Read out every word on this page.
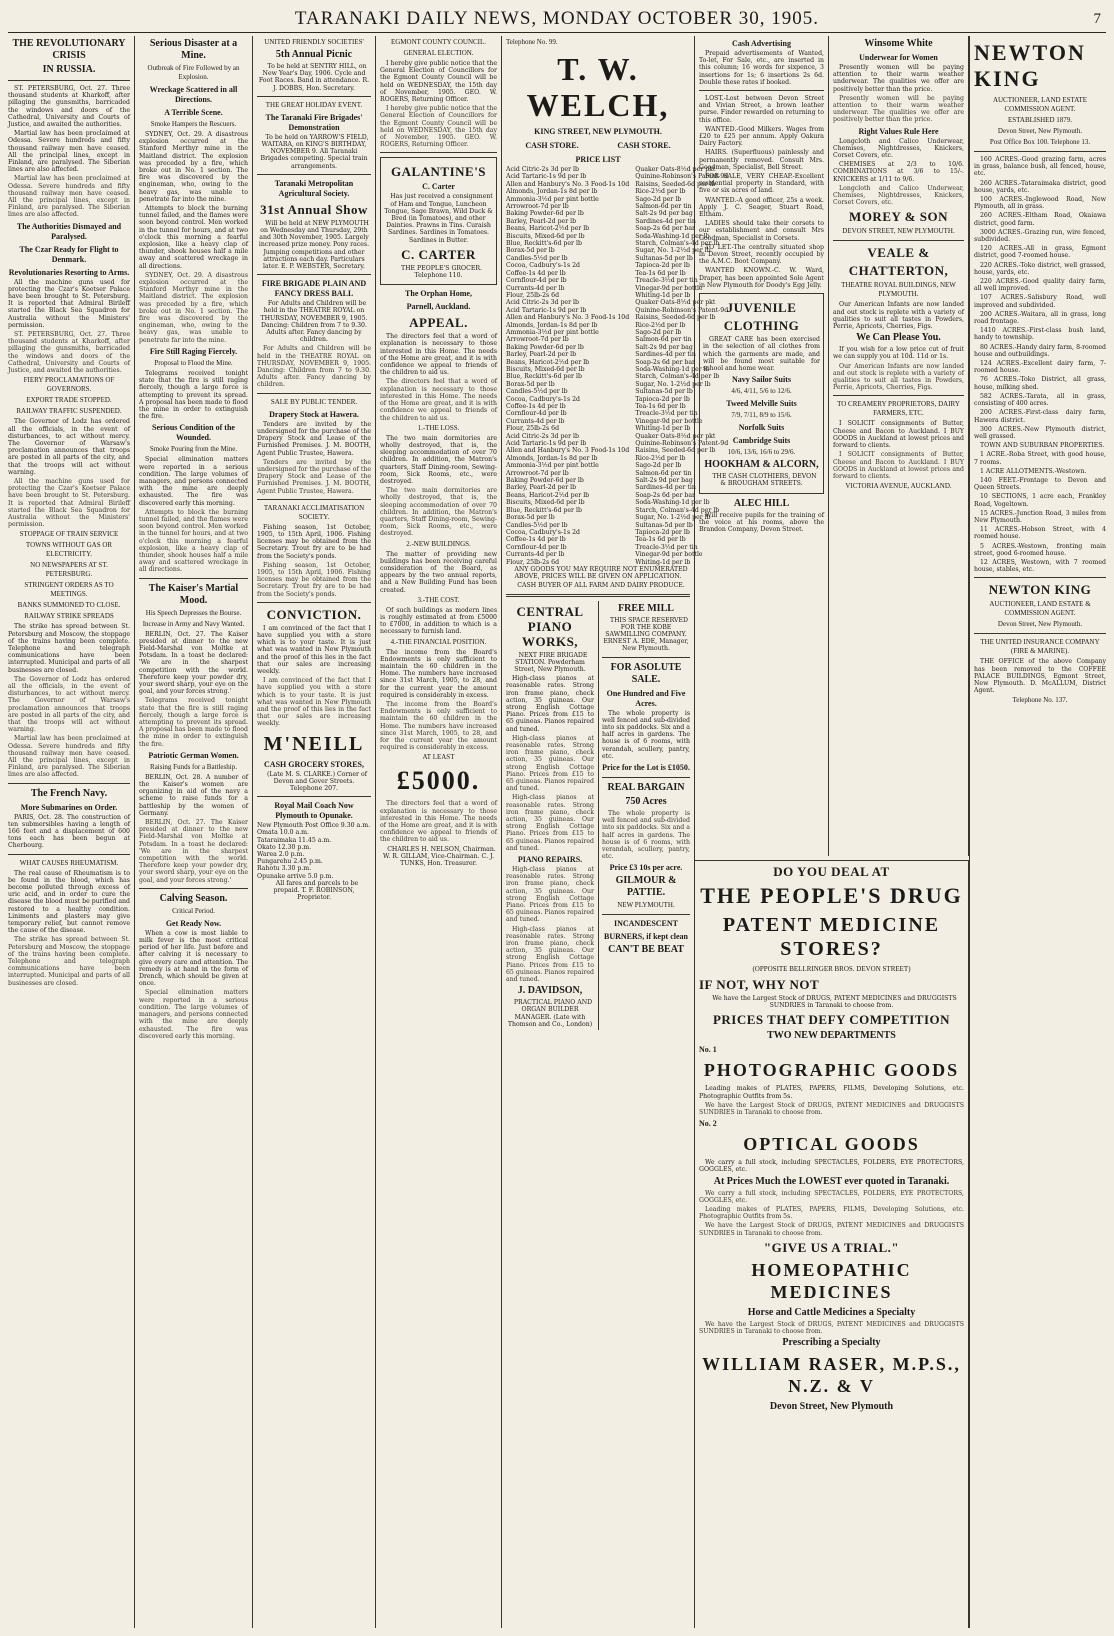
TARANAKI DAILY NEWS, MONDAY OCTOBER 30, 1905.	7
THE REVOLUTIONARY CRISIS
IN RUSSIA.

ST. PETERSBURG, Oct. 27. Three thousand students at Kharkoff, after pillaging the gunsmiths, barricaded the windows and doors of the Cathedral, University and Courts of Justice, and awaited the authorities.

Martial law has been proclaimed at Odessa. Severe hundreds and fifty thousand railway men have ceased. All the principal lines, except in Finland, are paralysed. The Siberian lines are also affected.

Martial law has been proclaimed at Odessa. Severe hundreds and fifty thousand railway men have ceased. All the principal lines, except in Finland, are paralysed. The Siberian lines are also affected.

The Authorities Dismayed and Paralysed.
The Czar Ready for Flight to Denmark.
Revolutionaries Resorting to Arms.

All the machine guns used for protecting the Czar's Koetser Palace have been brought to St. Petersburg. It is reported that Admiral Birileff started the Black Sea Squadron for Australia without the Ministers' permission.

ST. PETERSBURG, Oct. 27. Three thousand students at Kharkoff, after pillaging the gunsmiths, barricaded the windows and doors of the Cathedral, University and Courts of Justice, and awaited the authorities.

FIERY PROCLAMATIONS OF GOVERNORS.
EXPORT TRADE STOPPED.
RAILWAY TRAFFIC SUSPENDED.

The Governor of Lodz has ordered all the officials, in the event of disturbances, to act without mercy. The Governor of Warsaw's proclamation announces that troops are posted in all parts of the city, and that the troops will act without warning.

All the machine guns used for protecting the Czar's Koetser Palace have been brought to St. Petersburg. It is reported that Admiral Birileff started the Black Sea Squadron for Australia without the Ministers' permission.

STOPPAGE OF TRAIN SERVICE
TOWNS WITHOUT GAS OR ELECTRICITY.
NO NEWSPAPERS AT ST. PETERSBURG.
STRINGENT ORDERS AS TO MEETINGS.
BANKS SUMMONED TO CLOSE.
RAILWAY STRIKE SPREADS

The strike has spread between St. Petersburg and Moscow, the stoppage of the trains having been complete. Telephone and telegraph communications have been interrupted. Municipal and parts of all businesses are closed.

The Governor of Lodz has ordered all the officials, in the event of disturbances, to act without mercy. The Governor of Warsaw's proclamation announces that troops are posted in all parts of the city, and that the troops will act without warning.

Martial law has been proclaimed at Odessa. Severe hundreds and fifty thousand railway men have ceased. All the principal lines, except in Finland, are paralysed. The Siberian lines are also affected.

The French Navy.
More Submarines on Order.

PARIS, Oct. 28. The construction of ten submersibles having a length of 166 feet and a displacement of 600 tons each has been begun at Cherbourg.

WHAT CAUSES RHEUMATISM.

The real cause of Rheumatism is to be found in the blood, which has become polluted through excess of uric acid, and in order to cure the disease the blood must be purified and restored to a healthy condition. Liniments and plasters may give temporary relief, but cannot remove the cause of the disease.

The strike has spread between St. Petersburg and Moscow, the stoppage of the trains having been complete. Telephone and telegraph communications have been interrupted. Municipal and parts of all businesses are closed.

Serious Disaster at a Mine.
Outbreak of Fire Followed by an Explosion.
Wreckage Scattered in all Directions.
A Terrible Scene.
Smoke Hampers the Rescuers.

SYDNEY, Oct. 29. A disastrous explosion occurred at the Stanford Merthyr mine in the Maitland district. The explosion was preceded by a fire, which broke out in No. 1 section. The fire was discovered by the engineman, who, owing to the heavy gas, was unable to penetrate far into the mine.

Attempts to block the burning tunnel failed, and the flames were soon beyond control. Men worked in the tunnel for hours, and at two o'clock this morning a fearful explosion, like a heavy clap of thunder, shook houses half a mile away and scattered wreckage in all directions.

SYDNEY, Oct. 29. A disastrous explosion occurred at the Stanford Merthyr mine in the Maitland district. The explosion was preceded by a fire, which broke out in No. 1 section. The fire was discovered by the engineman, who, owing to the heavy gas, was unable to penetrate far into the mine.

Fire Still Raging Fiercely.
Proposal to Flood the Mine.

Telegrams received tonight state that the fire is still raging fiercely, though a large force is attempting to prevent its spread. A proposal has been made to flood the mine in order to extinguish the fire.

Serious Condition of the Wounded.
Smoke Pouring from the Mine.

Special elimination matters were reported in a serious condition. The large volumes of managers, and persons connected with the mine are deeply exhausted. The fire was discovered early this morning.

Attempts to block the burning tunnel failed, and the flames were soon beyond control. Men worked in the tunnel for hours, and at two o'clock this morning a fearful explosion, like a heavy clap of thunder, shook houses half a mile away and scattered wreckage in all directions.

The Kaiser's Martial Mood.
His Speech Depresses the Bourse.
Increase in Army and Navy Wanted.

BERLIN, Oct. 27. The Kaiser presided at dinner to the new Field-Marshal von Moltke at Potsdam. In a toast he declared: 'We are in the sharpest competition with the world. Therefore keep your powder dry, your sword sharp, your eye on the goal, and your forces strong.'

Telegrams received tonight state that the fire is still raging fiercely, though a large force is attempting to prevent its spread. A proposal has been made to flood the mine in order to extinguish the fire.

Patriotic German Women.
Raising Funds for a Battleship.

BERLIN, Oct. 28. A number of the Kaiser's women are organizing in aid of the navy a scheme to raise funds for a battleship by the women of Germany.

BERLIN, Oct. 27. The Kaiser presided at dinner to the new Field-Marshal von Moltke at Potsdam. In a toast he declared: 'We are in the sharpest competition with the world. Therefore keep your powder dry, your sword sharp, your eye on the goal, and your forces strong.'

Calving Season.
Critical Period.
Get Ready Now.

When a cow is most liable to milk fever is the most critical period of her life. Just before and after calving it is necessary to give every care and attention. The remedy is at hand in the form of Drench, which should be given at once.

Special elimination matters were reported in a serious condition. The large volumes of managers, and persons connected with the mine are deeply exhausted. The fire was discovered early this morning.

UNITED FRIENDLY SOCIETIES'
5th Annual Picnic

To be held at SENTRY HILL, on New Year's Day, 1906. Cycle and Foot Races. Band in attendance. R. J. DOBBS, Hon. Secretary.

THE GREAT HOLIDAY EVENT.
The Taranaki Fire Brigades' Demonstration

To be held on YARROW'S FIELD, WAITARA, on KING'S BIRTHDAY, NOVEMBER 9. All Taranaki Brigades competing. Special train arrangements.

Taranaki Metropolitan Agricultural Society.
31st Annual Show

Will be held at NEW PLYMOUTH on Wednesday and Thursday, 29th and 30th November, 1905. Largely increased prize money. Pony races. Jumping competitions and other attractions each day. Particulars later. E. P. WEBSTER, Secretary.

FIRE BRIGADE PLAIN AND FANCY DRESS BALL

For Adults and Children will be held in the THEATRE ROYAL on THURSDAY, NOVEMBER 9, 1905. Dancing: Children from 7 to 9.30. Adults after. Fancy dancing by children.

For Adults and Children will be held in the THEATRE ROYAL on THURSDAY, NOVEMBER 9, 1905. Dancing: Children from 7 to 9.30. Adults after. Fancy dancing by children.

SALE BY PUBLIC TENDER.
Drapery Stock at Hawera.

Tenders are invited by the undersigned for the purchase of the Drapery Stock and Lease of the Furnished Premises. J. M. BOOTH, Agent Public Trustee, Hawera.

Tenders are invited by the undersigned for the purchase of the Drapery Stock and Lease of the Furnished Premises. J. M. BOOTH, Agent Public Trustee, Hawera.

TARANAKI ACCLIMATISATION SOCIETY.

Fishing season, 1st October, 1905, to 15th April, 1906. Fishing licenses may be obtained from the Secretary. Trout fry are to be had from the Society's ponds.

Fishing season, 1st October, 1905, to 15th April, 1906. Fishing licenses may be obtained from the Secretary. Trout fry are to be had from the Society's ponds.

CONVICTION.

I am convinced of the fact that I have supplied you with a store which is to your taste. It is just what was wanted in New Plymouth and the proof of this lies in the fact that our sales are increasing weekly.

I am convinced of the fact that I have supplied you with a store which is to your taste. It is just what was wanted in New Plymouth and the proof of this lies in the fact that our sales are increasing weekly.

M'NEILL
CASH GROCERY STORES,

(Late M. S. CLARKE.) Corner of Devon and Gover Streets. Telephone 207.

Royal Mail Coach Now Plymouth to Opunake.
New Plymouth Post Office 9.30 a.m.
Omata 10.0 a.m.
Tataraimaka 11.45 a.m.
Okato 12.30 p.m.
Warea 2.0 p.m.
Pungarehu 2.45 p.m.
Rahotu 3.30 p.m.
Opunake arrive 5.0 p.m.

All fares and parcels to be prepaid. T. F. ROBINSON, Proprietor.

EGMONT COUNTY COUNCIL.
GENERAL ELECTION.

I hereby give public notice that the General Election of Councillors for the Egmont County Council will be held on WEDNESDAY, the 15th day of November, 1905. GEO. W. ROGERS, Returning Officer.

I hereby give public notice that the General Election of Councillors for the Egmont County Council will be held on WEDNESDAY, the 15th day of November, 1905. GEO. W. ROGERS, Returning Officer.

GALANTINE'S
C. Carter

Has just received a consignment of Ham and Tongue, Luncheon Tongue, Sage Brawn, Wild Duck & Bred (in Tomatoes), and other Dainties. Prawns in Tins. Curaish Sardines. Sardines in Tomatoes. Sardines in Butter.

C. CARTER

THE PEOPLE'S GROCER. Telephone 110.

The Orphan Home,
Parnell, Auckland.
APPEAL.

The directors feel that a word of explanation is necessary to those interested in this Home. The needs of the Home are great, and it is with confidence we appeal to friends of the children to aid us.

The directors feel that a word of explanation is necessary to those interested in this Home. The needs of the Home are great, and it is with confidence we appeal to friends of the children to aid us.

1.-THE LOSS.

The two main dormitories are wholly destroyed, that is, the sleeping accommodation of over 70 children. In addition, the Matron's quarters, Staff Dining-room, Sewing-room, Sick Rooms, etc., were destroyed.

The two main dormitories are wholly destroyed, that is, the sleeping accommodation of over 70 children. In addition, the Matron's quarters, Staff Dining-room, Sewing-room, Sick Rooms, etc., were destroyed.

2.-NEW BUILDINGS.

The matter of providing new buildings has been receiving careful consideration of the Board, as appears by the two annual reports, and a New Building Fund has been created.

3.-THE COST.

Of such buildings as modern lines is roughly estimated at from £5000 to £7000, in addition to which is a necessary to furnish land.

4.-THE FINANCIAL POSITION.

The income from the Board's Endowments is only sufficient to maintain the 60 children in the Home. The numbers have increased since 31st March, 1905, to 28, and for the current year the amount required is considerably in excess.

The income from the Board's Endowments is only sufficient to maintain the 60 children in the Home. The numbers have increased since 31st March, 1905, to 28, and for the current year the amount required is considerably in excess.

AT LEAST
£5000.

The directors feel that a word of explanation is necessary to those interested in this Home. The needs of the Home are great, and it is with confidence we appeal to friends of the children to aid us.

CHARLES H. NELSON, Chairman. W. R. GILLAM, Vice-Chairman. C. J. TUNKS, Hon. Treasurer.

Telephone No. 99.
T. W. WELCH,
KING STREET, NEW PLYMOUTH.
CASH STORE.	CASH STORE.
PRICE LIST
Acid Citric-2s 3d per lb	Quaker Oats-8½d per pkt
Acid Tartaric-1s 9d per lb	Quinine-Robinson's Patent-9d
Allen and Hanbury's No. 3 Food-1s 10d Raisins, Seeded-6d per lb
Almonds, Jordan-1s 8d per lb	Rice-2½d per lb
Ammonia-3½d per pint bottle	Sago-2d per lb
Arrowroot-7d per lb	Salmon-6d per tin
Baking Powder-6d per lb	Salt-2s 9d per bag
Barley, Pearl-2d per lb	Sardines-4d per tin
Beans, Haricot-2½d per lb	Soap-2s 6d per bar
Biscuits, Mixed-6d per lb	Soda-Washing-1d per lb
Blue, Reckitt's-6d per lb	Starch, Colman's-4d per lb
Borax-5d per lb	Sugar, No. 1-2½d per lb
Candles-5½d per lb	Sultanas-5d per lb
Cocoa, Cadbury's-1s 2d	Tapioca-2d per lb
Coffee-1s 4d per lb	Tea-1s 6d per lb
Cornflour-4d per lb	Treacle-3½d per tin
Currants-4d per lb	Vinegar-9d per bottle
Flour, 25lb-2s 6d	Whiting-1d per lb
Acid Citric-2s 3d per lb	Quaker Oats-8½d per pkt
Acid Tartaric-1s 9d per lb	Quinine-Robinson's Patent-9d
Allen and Hanbury's No. 3 Food-1s 10d Raisins, Seeded-6d per lb
Almonds, Jordan-1s 8d per lb	Rice-2½d per lb
Ammonia-3½d per pint bottle	Sago-2d per lb
Arrowroot-7d per lb	Salmon-6d per tin
Baking Powder-6d per lb	Salt-2s 9d per bag
Barley, Pearl-2d per lb	Sardines-4d per tin
Beans, Haricot-2½d per lb	Soap-2s 6d per bar
Biscuits, Mixed-6d per lb	Soda-Washing-1d per lb
Blue, Reckitt's-6d per lb	Starch, Colman's-4d per lb
Borax-5d per lb	Sugar, No. 1-2½d per lb
Candles-5½d per lb	Sultanas-5d per lb
Cocoa, Cadbury's-1s 2d	Tapioca-2d per lb
Coffee-1s 4d per lb	Tea-1s 6d per lb
Cornflour-4d per lb	Treacle-3½d per tin
Currants-4d per lb	Vinegar-9d per bottle
Flour, 25lb-2s 6d	Whiting-1d per lb
Acid Citric-2s 3d per lb	Quaker Oats-8½d per pkt
Acid Tartaric-1s 9d per lb	Quinine-Robinson's Patent-9d
Allen and Hanbury's No. 3 Food-1s 10d Raisins, Seeded-6d per lb
Almonds, Jordan-1s 8d per lb	Rice-2½d per lb
Ammonia-3½d per pint bottle	Sago-2d per lb
Arrowroot-7d per lb	Salmon-6d per tin
Baking Powder-6d per lb	Salt-2s 9d per bag
Barley, Pearl-2d per lb	Sardines-4d per tin
Beans, Haricot-2½d per lb	Soap-2s 6d per bar
Biscuits, Mixed-6d per lb	Soda-Washing-1d per lb
Blue, Reckitt's-6d per lb	Starch, Colman's-4d per lb
Borax-5d per lb	Sugar, No. 1-2½d per lb
Candles-5½d per lb	Sultanas-5d per lb
Cocoa, Cadbury's-1s 2d	Tapioca-2d per lb
Coffee-1s 4d per lb	Tea-1s 6d per lb
Cornflour-4d per lb	Treacle-3½d per tin
Currants-4d per lb	Vinegar-9d per bottle
Flour, 25lb-2s 6d	Whiting-1d per lb

ANY GOODS YOU MAY REQUIRE NOT ENUMERATED ABOVE, PRICES WILL BE GIVEN ON APPLICATION.

CASH BUYER OF ALL FARM AND DAIRY PRODUCE.

CENTRAL PIANO WORKS,

NEXT FIRE BRIGADE STATION. Powderham Street, New Plymouth.

High-class pianos at reasonable rates. Strong iron frame piano, check action, 35 guineas. Our strong English Cottage Piano. Prices from £15 to 65 guineas. Pianos repaired and tuned.

High-class pianos at reasonable rates. Strong iron frame piano, check action, 35 guineas. Our strong English Cottage Piano. Prices from £15 to 65 guineas. Pianos repaired and tuned.

High-class pianos at reasonable rates. Strong iron frame piano, check action, 35 guineas. Our strong English Cottage Piano. Prices from £15 to 65 guineas. Pianos repaired and tuned.

PIANO REPAIRS.

High-class pianos at reasonable rates. Strong iron frame piano, check action, 35 guineas. Our strong English Cottage Piano. Prices from £15 to 65 guineas. Pianos repaired and tuned.

High-class pianos at reasonable rates. Strong iron frame piano, check action, 35 guineas. Our strong English Cottage Piano. Prices from £15 to 65 guineas. Pianos repaired and tuned.

J. DAVIDSON,

PRACTICAL PIANO AND ORGAN BUILDER MANAGER. (Late with Thomson and Co., London)

FREE MILL

THIS SPACE RESERVED FOR THE KOBE SAWMILLING COMPANY. ERNEST A. EDE, Manager, New Plymouth.

FOR ASOLUTE SALE.
One Hundred and Five Acres.

The whole property is well fenced and sub-divided into six paddocks. Six and a half acres in gardens. The house is of 6 rooms, with verandah, scullery, pantry, etc.

Price for the Lot is £1050.
REAL BARGAIN
750 Acres

The whole property is well fenced and sub-divided into six paddocks. Six and a half acres in gardens. The house is of 6 rooms, with verandah, scullery, pantry, etc.

Price £3 10s per acre.
GILMOUR & PATTIE.
NEW PLYMOUTH.
INCANDESCENT
BURNERS, if kept clean
CAN'T BE BEAT
Cash Advertising

Prepaid advertisements of Wanted, To-let, For Sale, etc., are inserted in this column; 16 words for sixpence, 3 insertions for 1s; 6 insertions 2s 6d. Double these rates if booked.

LOST.-Lost between Devon Street and Vivian Street, a brown leather purse. Finder rewarded on returning to this office.

WANTED.-Good Milkers. Wages from £20 to £25 per annum. Apply Oakura Dairy Factory.

HAIRS. (Superfluous) painlessly and permanently removed. Consult Mrs. Goodman, Specialist, Bell Street.

FOR SALE, VERY CHEAP.-Excellent residential property in Standard, with five or six acres of land.

WANTED.-A good officer, 25s a week. Apply J. C. Seager, Stuart Road, Eltham.

LADIES should take their corsets to our establishment and consult Mrs Goodman, Specialist in Corsets.

TO LET.-The centrally situated shop in Devon Street, recently occupied by the A.M.C. Boot Company.

WANTED KNOWN.-C. W. Ward, Draper, has been appointed Sole Agent in New Plymouth for Doody's Egg Jelly.

JUVENILE
CLOTHING

GREAT CARE has been exercised in the selection of all clothes from which the garments are made, and will be found most suitable for school and home wear.

Navy Sailor Suits
4/6, 4/11, 5/6 to 12/6.
Tweed Melville Suits
7/9, 7/11, 8/9 to 15/6.
Norfolk Suits
Cambridge Suits
10/6, 13/6, 16/6 to 29/6.
HOOKHAM & ALCORN,

THE CASH CLOTHIERS, DEVON & BROUGHAM STREETS.

ALEC HILL

Will receive pupils for the training of the voice at his rooms, above the Brandon Company, Devon Street.

Winsome White
Underwear for Women

Presently women will be paying attention to their warm weather underwear. The qualities we offer are positively better than the price.

Presently women will be paying attention to their warm weather underwear. The qualities we offer are positively better than the price.

Right Values Rule Here

Longcloth and Calico Underwear, Chemises, Nightdresses, Knickers, Corset Covers, etc.

CHEMISES at 2/3 to 10/6. COMBINATIONS at 3/6 to 15/-. KNICKERS at 1/11 to 9/6.

Longcloth and Calico Underwear, Chemises, Nightdresses, Knickers, Corset Covers, etc.

MOREY & SON
DEVON STREET, NEW PLYMOUTH.
VEALE &
CHATTERTON,
THEATRE ROYAL BUILDINGS, NEW PLYMOUTH.

Our American Infants are now landed and out stock is replete with a variety of qualities to suit all tastes in Powders, Perrie, Apricots, Cherries, Figs.

We Can Please You.

If you wish for a low price cut of fruit we can supply you at 10d. 11d or 1s.

Our American Infants are now landed and out stock is replete with a variety of qualities to suit all tastes in Powders, Perrie, Apricots, Cherries, Figs.

TO CREAMERY PROPRIETORS, DAIRY FARMERS, ETC.

I SOLICIT consignments of Butter, Cheese and Bacon to Auckland. I BUY GOODS in Auckland at lowest prices and forward to clients.

I SOLICIT consignments of Butter, Cheese and Bacon to Auckland. I BUY GOODS in Auckland at lowest prices and forward to clients.

VICTORIA AVENUE, AUCKLAND.
DO YOU DEAL AT
THE PEOPLE'S DRUG
PATENT MEDICINE STORES?
(OPPOSITE BELLRINGER BROS. DEVON STREET)
IF NOT, WHY NOT

We have the Largest Stock of DRUGS, PATENT MEDICINES and DRUGGISTS SUNDRIES in Taranaki to choose from.

PRICES THAT DEFY COMPETITION
TWO NEW DEPARTMENTS
No. 1
PHOTOGRAPHIC GOODS

Leading makes of PLATES, PAPERS, FILMS, Developing Solutions, etc. Photographic Outfits from 5s.

We have the Largest Stock of DRUGS, PATENT MEDICINES and DRUGGISTS SUNDRIES in Taranaki to choose from.

No. 2
OPTICAL GOODS

We carry a full stock, including SPECTACLES, FOLDERS, EYE PROTECTORS, GOGGLES, etc.

At Prices Much the LOWEST ever quoted in Taranaki.

We carry a full stock, including SPECTACLES, FOLDERS, EYE PROTECTORS, GOGGLES, etc.

Leading makes of PLATES, PAPERS, FILMS, Developing Solutions, etc. Photographic Outfits from 5s.

We have the Largest Stock of DRUGS, PATENT MEDICINES and DRUGGISTS SUNDRIES in Taranaki to choose from.

"GIVE US A TRIAL."
HOMEOPATHIC MEDICINES
Horse and Cattle Medicines a Specialty

We have the Largest Stock of DRUGS, PATENT MEDICINES and DRUGGISTS SUNDRIES in Taranaki to choose from.

Prescribing a Specialty
WILLIAM RASER, M.P.S., N.Z. & V
Devon Street, New Plymouth
NEWTON KING
AUCTIONEER, LAND ESTATE COMMISSION AGENT.
ESTABLISHED 1879.
Devon Street, New Plymouth.
Post Office Box 100. Telephone 13.

160 ACRES.-Good grazing farm, acres in grass, balance bush, all fenced, house, etc.

260 ACRES.-Tataraimaka district, good house, yards, etc.

100 ACRES.-Inglewood Road, New Plymouth, all in grass.

260 ACRES.-Eltham Road, Okaiawa district, good farm.

3000 ACRES.-Grazing run, wire fenced, subdivided.

120 ACRES.-All in grass, Egmont district, good 7-roomed house.

220 ACRES.-Toko district, well grassed, house, yards, etc.

220 ACRES.-Good quality dairy farm, all well improved.

107 ACRES.-Salisbury Road, well improved and subdivided.

200 ACRES.-Waitara, all in grass, long road frontage.

1410 ACRES.-First-class bush land, handy to township.

80 ACRES.-Handy dairy farm, 8-roomed house and outbuildings.

124 ACRES.-Excellent dairy farm, 7-roomed house.

76 ACRES.-Toko District, all grass, house, milking shed.

582 ACRES.-Tarata, all in grass, consisting of 400 acres.

200 ACRES.-First-class dairy farm, Hawera district.

300 ACRES.-New Plymouth district, well grassed.

TOWN AND SUBURBAN PROPERTIES.

1 ACRE.-Roba Street, with good house, 7 rooms.

1 ACRE ALLOTMENTS.-Westown.

140 FEET.-Frontage to Devon and Queen Streets.

10 SECTIONS, 1 acre each, Frankley Road, Vogeltown.

15 ACRES.-Junction Road, 3 miles from New Plymouth.

11 ACRES.-Hobson Street, with 4 roomed house.

5 ACRES.-Westown, fronting main street, good 6-roomed house.

12 ACRES, Westown, with 7 roomed house, stables, etc.

NEWTON KING
AUCTIONEER, LAND ESTATE & COMMISSION AGENT.
Devon Street, New Plymouth.
THE UNITED INSURANCE COMPANY (FIRE & MARINE).

THE OFFICE of the above Company has been removed to the COFFEE PALACE BUILDINGS, Egmont Street, New Plymouth. D. McALLUM, District Agent.

Telephone No. 137.
